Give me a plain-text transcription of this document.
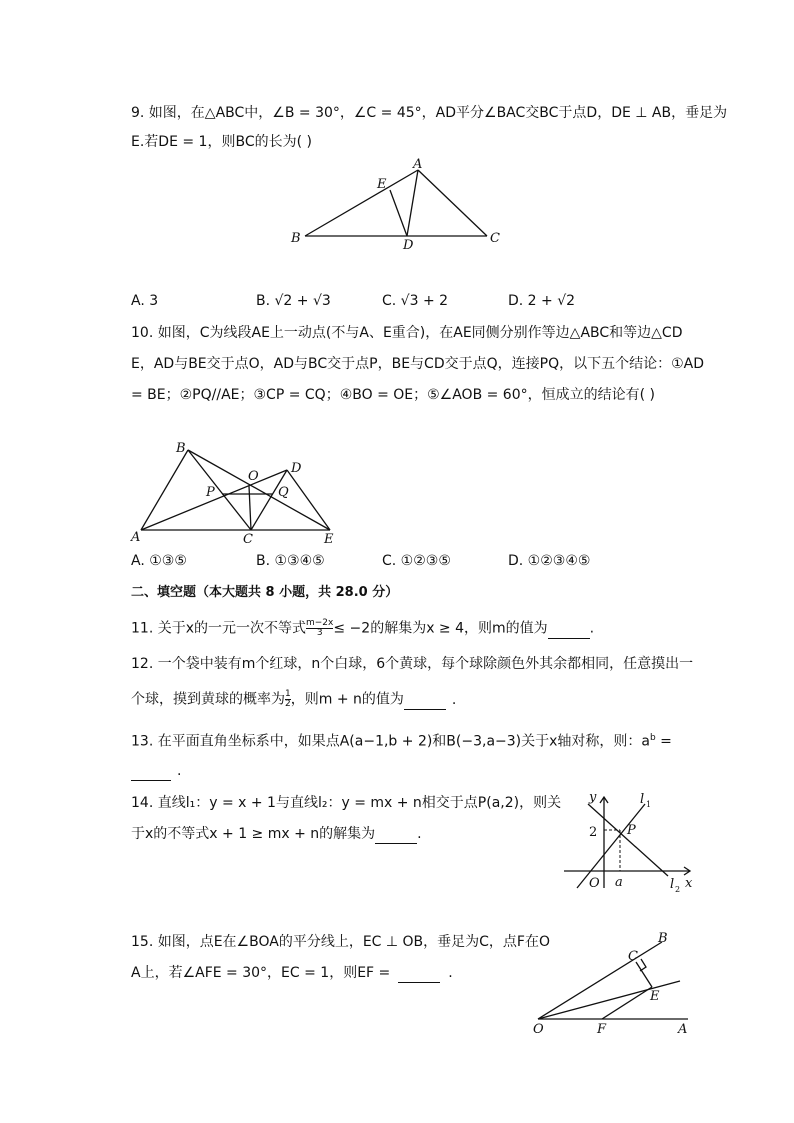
9. 如图，在△ABC中，∠B = 30°，∠C = 45°，AD平分∠BAC交BC于点D，DE ⊥ AB，垂足为
E.若DE = 1，则BC的长为( )
A
B	C
D
E
A. 3	B. √2 + √3	C. √3 + 2	D. 2 + √2
10. 如图，C为线段AE上一动点(不与A、E重合)，在AE同侧分别作等边△ABC和等边△CD
E，AD与BE交于点O，AD与BC交于点P，BE与CD交于点Q，连接PQ，以下五个结论：①AD
= BE；②PQ//AE；③CP = CQ；④BO = OE；⑤∠AOB = 60°，恒成立的结论有( )
A
B
C
D
E
O
P	Q
A. ①③⑤	B. ①③④⑤	C. ①②③⑤	D. ①②③④⑤
二、填空题（本大题共 8 小题，共 28.0 分）
11. 关于x的一元一次不等式 $\frac{m-2x}{3} \le -2$的解集为x ≥ 4，则m的值为	.
12. 一个袋中装有m个红球，n个白球，6个黄球，每个球除颜色外其余都相同，任意摸出一
个球，摸到黄球的概率为 $\frac{1}{2}$ ，则m + n的值为	.
13. 在平面直角坐标系中，如果点A(a−1,b + 2)和B(−3,a−3)关于x轴对称，则：$a^b$ =
.
14. 直线l₁：y = x + 1与直线l₂：y = mx + n相交于点P(a,2)，则关
于x的不等式x + 1 ≥ mx + n的解集为	.
y
x
O
2
a
P
l 1
l 2
15. 如图，点E在∠BOA的平分线上，EC ⊥ OB，垂足为C，点F在O
A上，若∠AFE = 30°，EC = 1，则EF =	.
B
C
E
O	F	A
